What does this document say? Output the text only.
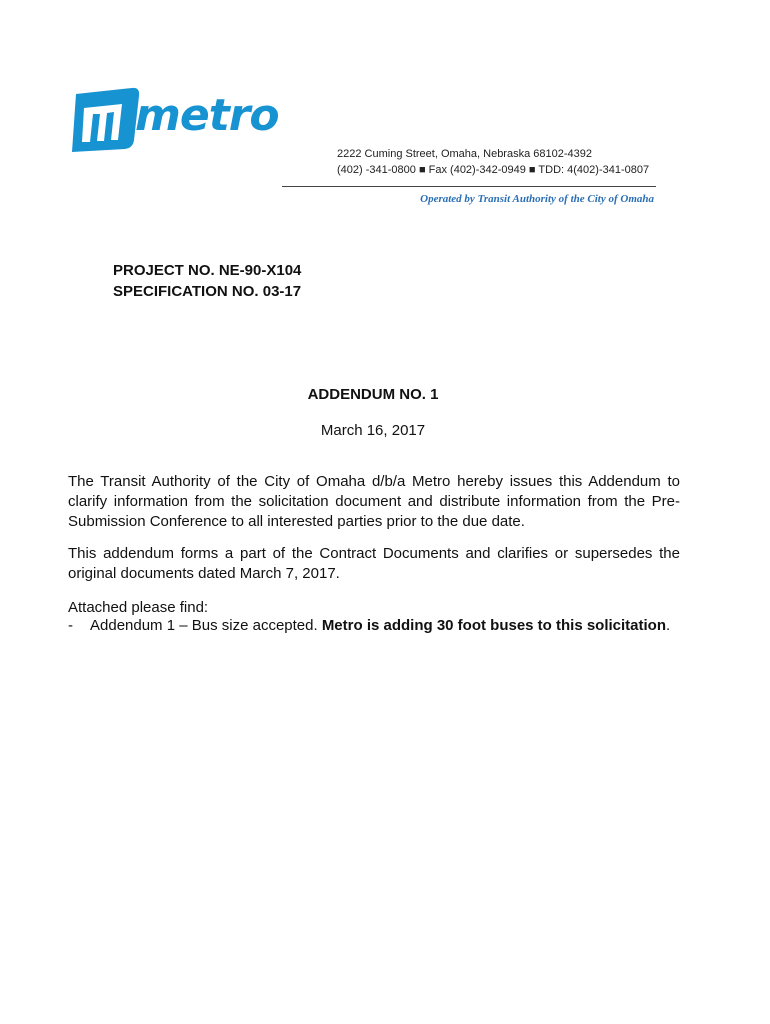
metro
2222 Cuming Street, Omaha, Nebraska 68102-4392
(402) -341-0800 ■ Fax (402)-342-0949 ■ TDD: 4(402)-341-0807
Operated by Transit Authority of the City of Omaha
PROJECT NO. NE-90-X104
SPECIFICATION NO. 03-17
ADDENDUM NO. 1
March 16, 2017
The Transit Authority of the City of Omaha d/b/a Metro hereby issues this Addendum to clarify information from the solicitation document and distribute information from the Pre-Submission Conference to all interested parties prior to the due date.
This addendum forms a part of the Contract Documents and clarifies or supersedes the original documents dated March 7, 2017.
Attached please find:
- Addendum 1 – Bus size accepted. Metro is adding 30 foot buses to this solicitation.
